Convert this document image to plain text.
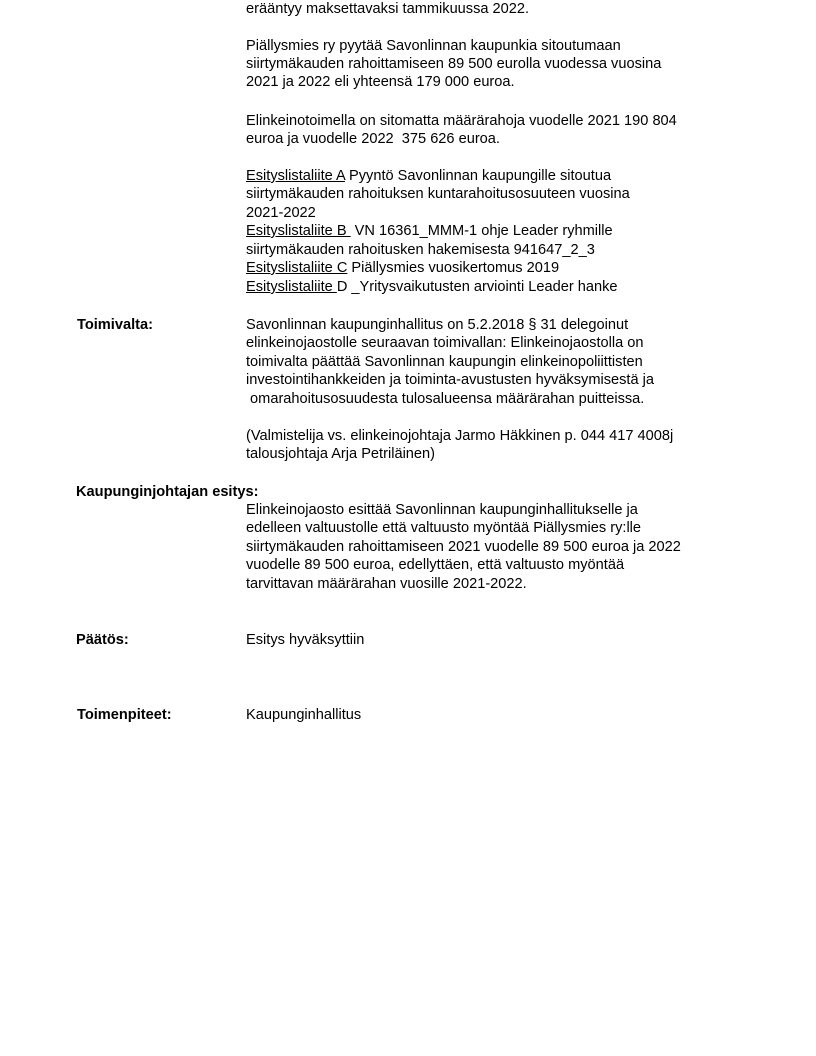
erääntyy maksettavaksi tammikuussa 2022.
Piällysmies ry pyytää Savonlinnan kaupunkia sitoutumaan
siirtymäkauden rahoittamiseen 89 500 eurolla vuodessa vuosina
2021 ja 2022 eli yhteensä 179 000 euroa.
Elinkeinotoimella on sitomatta määrärahoja vuodelle 2021 190 804
euroa ja vuodelle 2022  375 626 euroa.
Esityslistaliite A Pyyntö Savonlinnan kaupungille sitoutua
siirtymäkauden rahoituksen kuntarahoitusosuuteen vuosina
2021-2022
Esityslistaliite B  VN 16361_MMM-1 ohje Leader ryhmille
siirtymäkauden rahoitusken hakemisesta 941647_2_3
Esityslistaliite C Piällysmies vuosikertomus 2019
Esityslistaliite D _Yritysvaikutusten arviointi Leader hanke
Toimivalta:	Savonlinnan kaupunginhallitus on 5.2.2018 § 31 delegoinut
elinkeinojaostolle seuraavan toimivallan: Elinkeinojaostolla on
toimivalta päättää Savonlinnan kaupungin elinkeinopoliittisten
investointihankkeiden ja toiminta-avustusten hyväksymisestä ja
omarahoitusosuudesta tulosalueensa määrärahan puitteissa.
(Valmistelija vs. elinkeinojohtaja Jarmo Häkkinen p. 044 417 4008j
talousjohtaja Arja Petriläinen)
Kaupunginjohtajan esitys:
Elinkeinojaosto esittää Savonlinnan kaupunginhallitukselle ja
edelleen valtuustolle että valtuusto myöntää Piällysmies ry:lle
siirtymäkauden rahoittamiseen 2021 vuodelle 89 500 euroa ja 2022
vuodelle 89 500 euroa, edellyttäen, että valtuusto myöntää
tarvittavan määrärahan vuosille 2021-2022.
Päätös:	Esitys hyväksyttiin
Toimenpiteet:	Kaupunginhallitus
